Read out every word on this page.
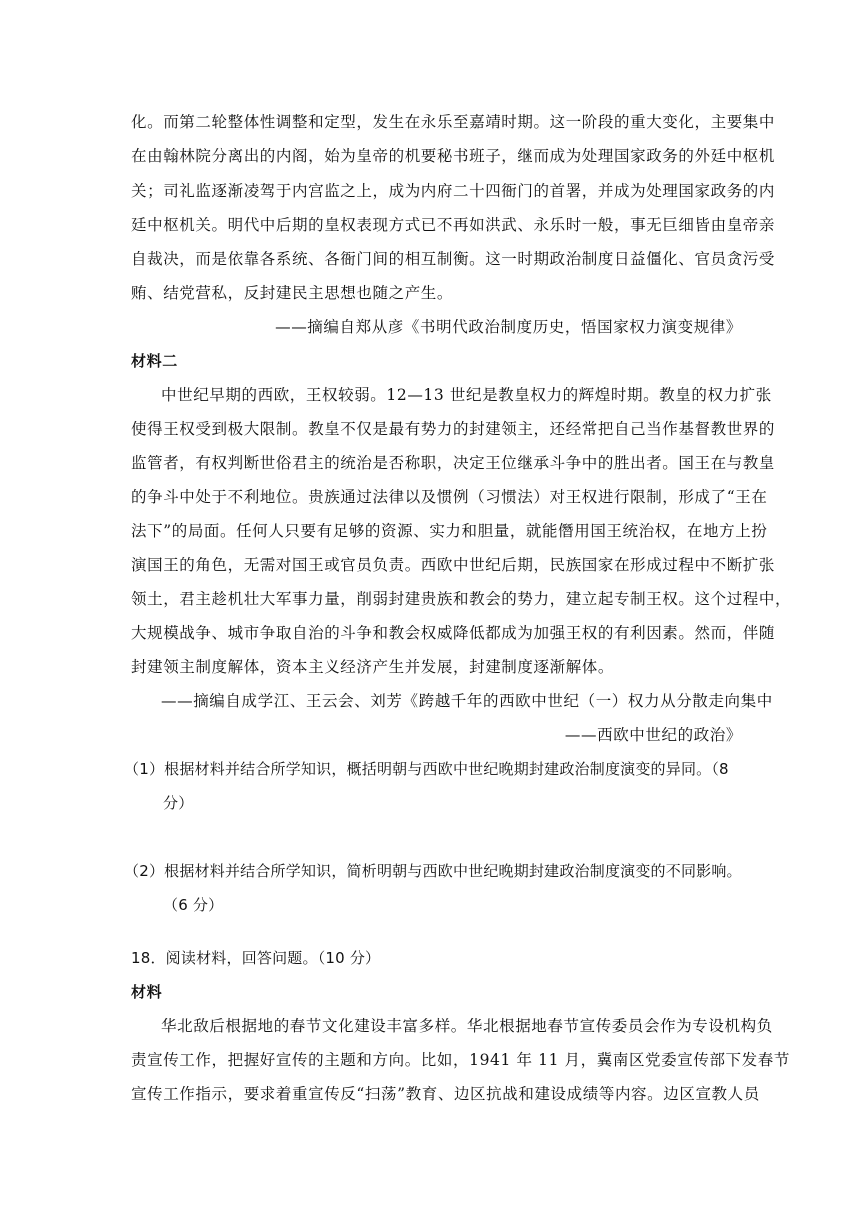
化。而第二轮整体性调整和定型，发生在永乐至嘉靖时期。这一阶段的重大变化，主要集中
在由翰林院分离出的内阁，始为皇帝的机要秘书班子，继而成为处理国家政务的外廷中枢机
关；司礼监逐渐凌驾于内宫监之上，成为内府二十四衙门的首署，并成为处理国家政务的内
廷中枢机关。明代中后期的皇权表现方式已不再如洪武、永乐时一般，事无巨细皆由皇帝亲
自裁决，而是依靠各系统、各衙门间的相互制衡。这一时期政治制度日益僵化、官员贪污受
贿、结党营私，反封建民主思想也随之产生。
——摘编自郑从彦《书明代政治制度历史，悟国家权力演变规律》
材料二
中世纪早期的西欧，王权较弱。12—13 世纪是教皇权力的辉煌时期。教皇的权力扩张
使得王权受到极大限制。教皇不仅是最有势力的封建领主，还经常把自己当作基督教世界的
监管者，有权判断世俗君主的统治是否称职，决定王位继承斗争中的胜出者。国王在与教皇
的争斗中处于不利地位。贵族通过法律以及惯例（习惯法）对王权进行限制，形成了“王在
法下”的局面。任何人只要有足够的资源、实力和胆量，就能僭用国王统治权，在地方上扮
演国王的角色，无需对国王或官员负责。西欧中世纪后期，民族国家在形成过程中不断扩张
领土，君主趁机壮大军事力量，削弱封建贵族和教会的势力，建立起专制王权。这个过程中，
大规模战争、城市争取自治的斗争和教会权威降低都成为加强王权的有利因素。然而，伴随
封建领主制度解体，资本主义经济产生并发展，封建制度逐渐解体。
——摘编自成学江、王云会、刘芳《跨越千年的西欧中世纪（一）权力从分散走向集中
——西欧中世纪的政治》
（1）根据材料并结合所学知识，概括明朝与西欧中世纪晚期封建政治制度演变的异同。（8
分）
（2）根据材料并结合所学知识，简析明朝与西欧中世纪晚期封建政治制度演变的不同影响。
（6 分）
18．阅读材料，回答问题。（10 分）
材料
华北敌后根据地的春节文化建设丰富多样。华北根据地春节宣传委员会作为专设机构负
责宣传工作，把握好宣传的主题和方向。比如，1941 年 11 月，冀南区党委宣传部下发春节
宣传工作指示，要求着重宣传反“扫荡”教育、边区抗战和建设成绩等内容。边区宣教人员
